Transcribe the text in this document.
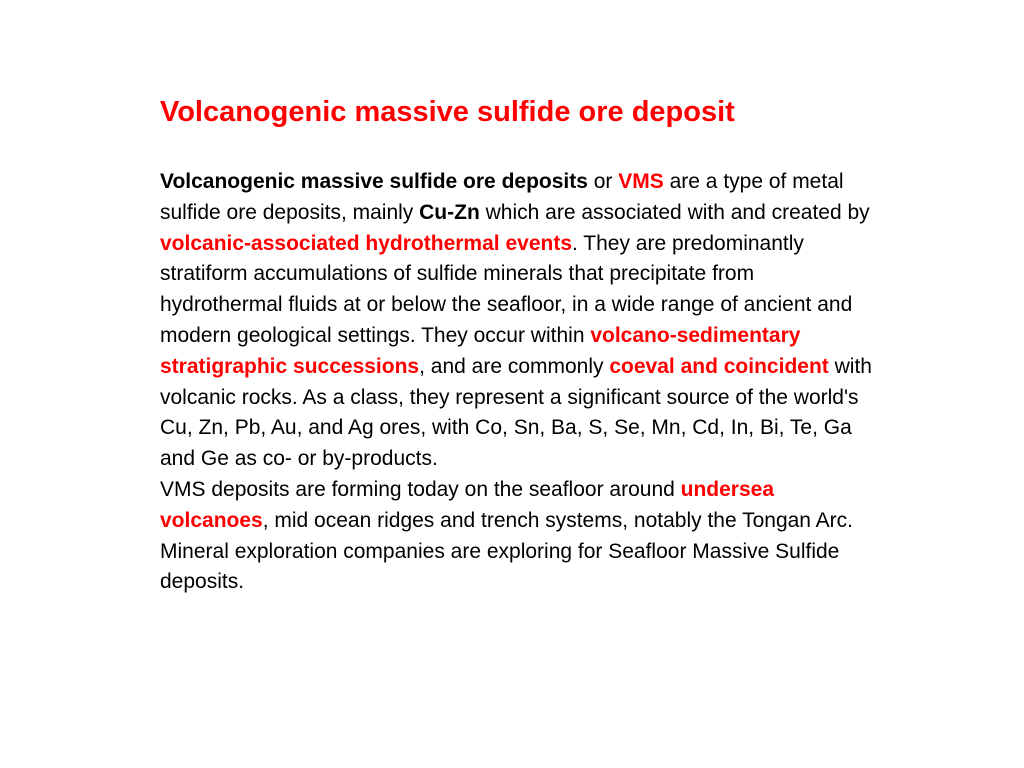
Volcanogenic massive sulfide ore deposit

Volcanogenic massive sulfide ore deposits or VMS are a type of metal sulfide ore deposits, mainly Cu-Zn which are associated with and created by volcanic-associated hydrothermal events. They are predominantly stratiform accumulations of sulfide minerals that precipitate from hydrothermal fluids at or below the seafloor, in a wide range of ancient and modern geological settings. They occur within volcano-sedimentary stratigraphic successions, and are commonly coeval and coincident with volcanic rocks. As a class, they represent a significant source of the world's Cu, Zn, Pb, Au, and Ag ores, with Co, Sn, Ba, S, Se, Mn, Cd, In, Bi, Te, Ga and Ge as co- or by-products.

VMS deposits are forming today on the seafloor around undersea volcanoes, mid ocean ridges and trench systems, notably the Tongan Arc. Mineral exploration companies are exploring for Seafloor Massive Sulfide deposits.
